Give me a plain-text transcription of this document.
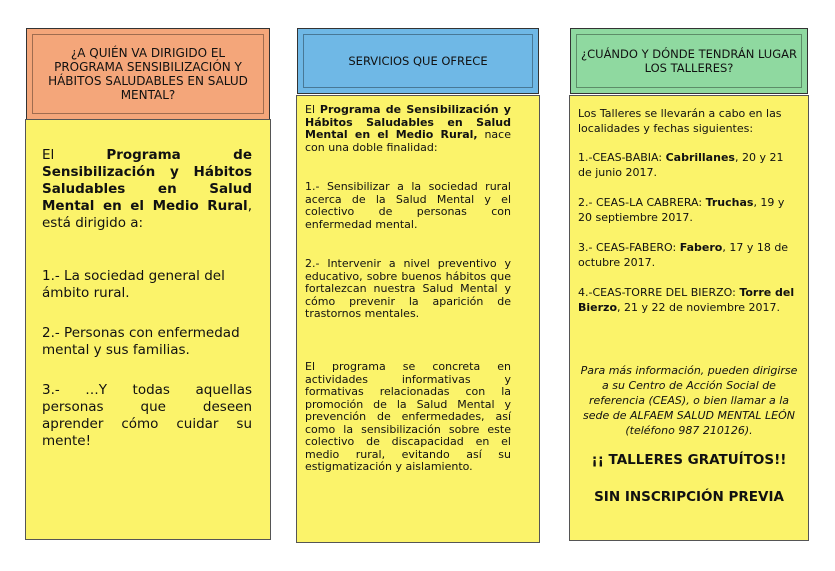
¿A QUIÉN VA DIRIGIDO EL PROGRAMA SENSIBILIZACIÓN Y HÁBITOS SALUDABLES EN SALUD MENTAL?

El	Programa de Sensibilización y Hábitos Saludables en Salud Mental en el Medio Rural, está dirigido a:

1.- La sociedad general del ámbito rural.

2.- Personas con enfermedad mental y sus familias.

3.- …Y todas aquellas personas que deseen aprender cómo cuidar su mente!

SERVICIOS QUE OFRECE

El Programa de Sensibilización y Hábitos Saludables en Salud Mental en el Medio Rural, nace con una doble finalidad:

1.- Sensibilizar a la sociedad rural acerca de la Salud Mental y el colectivo de personas con enfermedad mental.

2.- Intervenir a nivel preventivo y educativo, sobre buenos hábitos que fortalezcan nuestra Salud Mental y cómo prevenir la aparición de trastornos mentales.

El programa se concreta en actividades informativas y formativas relacionadas con la promoción de la Salud Mental y prevención de enfermedades, así como la sensibilización sobre este colectivo de discapacidad en el medio rural, evitando así su estigmatización y aislamiento.

¿CUÁNDO Y DÓNDE TENDRÁN LUGAR LOS TALLERES?

Los Talleres se llevarán a cabo en las localidades y fechas siguientes:

1.-CEAS-BABIA: Cabrillanes, 20 y 21 de junio 2017.

2.- CEAS-LA CABRERA: Truchas, 19 y 20 septiembre 2017.

3.- CEAS-FABERO: Fabero, 17 y 18 de octubre 2017.

4.-CEAS-TORRE DEL BIERZO: Torre del Bierzo, 21 y 22 de noviembre 2017.

Para más información, pueden dirigirse a su Centro de Acción Social de referencia (CEAS), o bien llamar a la sede de ALFAEM SALUD MENTAL LEÓN (teléfono 987 210126).

¡¡ TALLERES GRATUÍTOS!!

SIN INSCRIPCIÓN PREVIA
